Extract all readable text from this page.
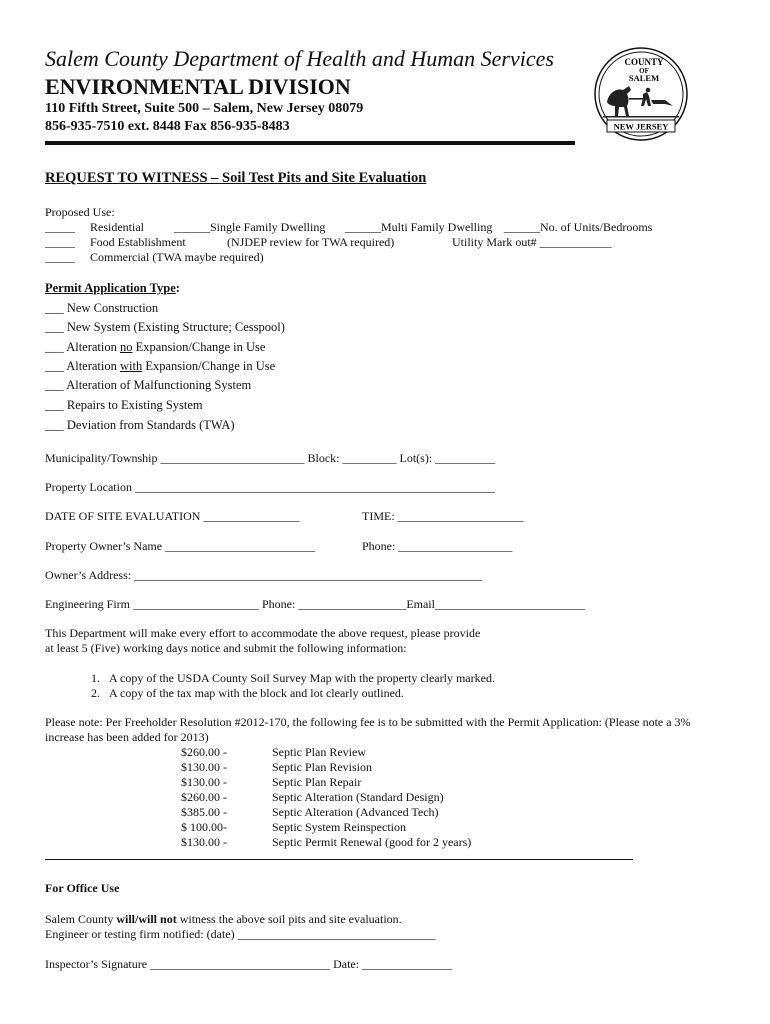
Salem County Department of Health and Human Services
ENVIRONMENTAL DIVISION
110 Fifth Street, Suite 500 – Salem, New Jersey 08079
856-935-7510 ext. 8448 Fax 856-935-8483
COUNTY
OF
SALEM
NEW JERSEY
REQUEST TO WITNESS – Soil Test Pits and Site Evaluation
Proposed Use:
_____ Residential	______Single Family Dwelling ______Multi Family Dwelling ______No. of Units/Bedrooms
_____ Food Establishment	(NJDEP review for TWA required)	Utility Mark out# ____________
_____ Commercial (TWA maybe required)
Permit Application Type:
___ New Construction
___ New System (Existing Structure; Cesspool)
___ Alteration no Expansion/Change in Use
___ Alteration with Expansion/Change in Use
___ Alteration of Malfunctioning System
___ Repairs to Existing System
___ Deviation from Standards (TWA)
Municipality/Township ________________________ Block: _________ Lot(s): __________
Property Location ____________________________________________________________
DATE OF SITE EVALUATION ________________	TIME: _____________________
Property Owner’s Name _________________________	Phone: ___________________
Owner’s Address: __________________________________________________________
Engineering Firm _____________________ Phone: __________________Email_________________________
This Department will make every effort to accommodate the above request, please provide
at least 5 (Five) working days notice and submit the following information:
1.   A copy of the USDA County Soil Survey Map with the property clearly marked.
2.   A copy of the tax map with the block and lot clearly outlined.
Please note: Per Freeholder Resolution #2012-170, the following fee is to be submitted with the Permit Application: (Please note a 3%
increase has been added for 2013)
$260.00 -	Septic Plan Review
$130.00 -	Septic Plan Revision
$130.00 -	Septic Plan Repair
$260.00 -	Septic Alteration (Standard Design)
$385.00 -	Septic Alteration (Advanced Tech)
$ 100.00-	Septic System Reinspection
$130.00 -	Septic Permit Renewal (good for 2 years)
For Office Use
Salem County will/will not witness the above soil pits and site evaluation.
Engineer or testing firm notified: (date) _________________________________
Inspector’s Signature ______________________________ Date: _______________
